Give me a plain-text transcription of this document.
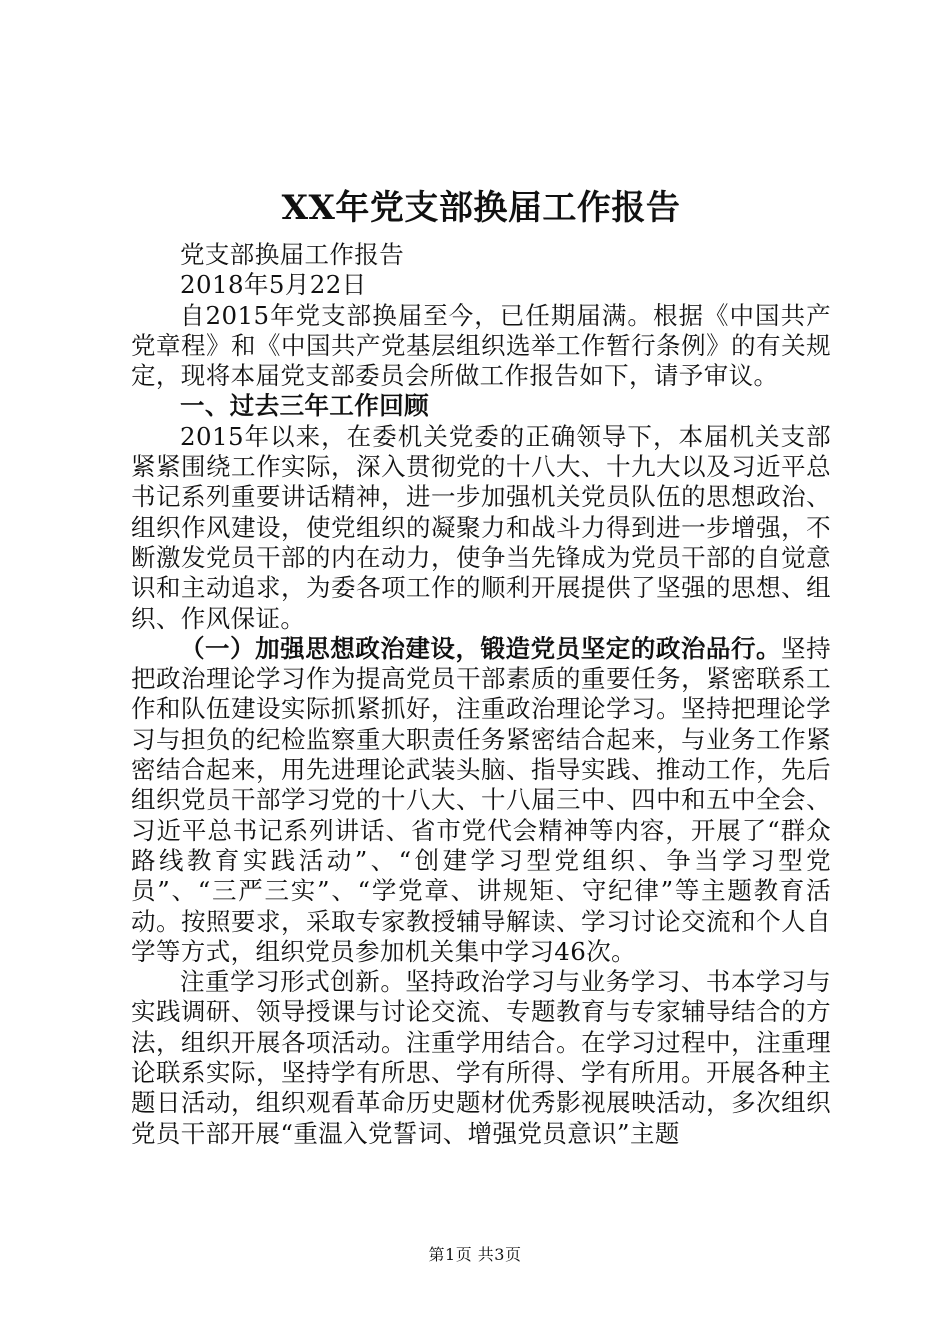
XX年党支部换届工作报告

党支部换届工作报告

2018年5月22日

自2015年党支部换届至今，已任期届满。根据《中国共产党章程》和《中国共产党基层组织选举工作暂行条例》的有关规定，现将本届党支部委员会所做工作报告如下，请予审议。

一、过去三年工作回顾

2015年以来，在委机关党委的正确领导下，本届机关支部紧紧围绕工作实际，深入贯彻党的十八大、十九大以及习近平总书记系列重要讲话精神，进一步加强机关党员队伍的思想政治、组织作风建设，使党组织的凝聚力和战斗力得到进一步增强，不断激发党员干部的内在动力，使争当先锋成为党员干部的自觉意识和主动追求，为委各项工作的顺利开展提供了坚强的思想、组织、作风保证。

（一）加强思想政治建设，锻造党员坚定的政治品行。坚持把政治理论学习作为提高党员干部素质的重要任务，紧密联系工作和队伍建设实际抓紧抓好，注重政治理论学习。坚持把理论学习与担负的纪检监察重大职责任务紧密结合起来，与业务工作紧密结合起来，用先进理论武装头脑、指导实践、推动工作，先后组织党员干部学习党的十八大、十八届三中、四中和五中全会、习近平总书记系列讲话、省市党代会精神等内容，开展了“群众路线教育实践活动”、“创建学习型党组织、争当学习型党员”、“三严三实”、“学党章、讲规矩、守纪律”等主题教育活动。按照要求，采取专家教授辅导解读、学习讨论交流和个人自学等方式，组织党员参加机关集中学习46次。

注重学习形式创新。坚持政治学习与业务学习、书本学习与实践调研、领导授课与讨论交流、专题教育与专家辅导结合的方法，组织开展各项活动。注重学用结合。在学习过程中，注重理论联系实际，坚持学有所思、学有所得、学有所用。开展各种主题日活动，组织观看革命历史题材优秀影视展映活动，多次组织党员干部开展“重温入党誓词、增强党员意识”主题

第1页 共3页
